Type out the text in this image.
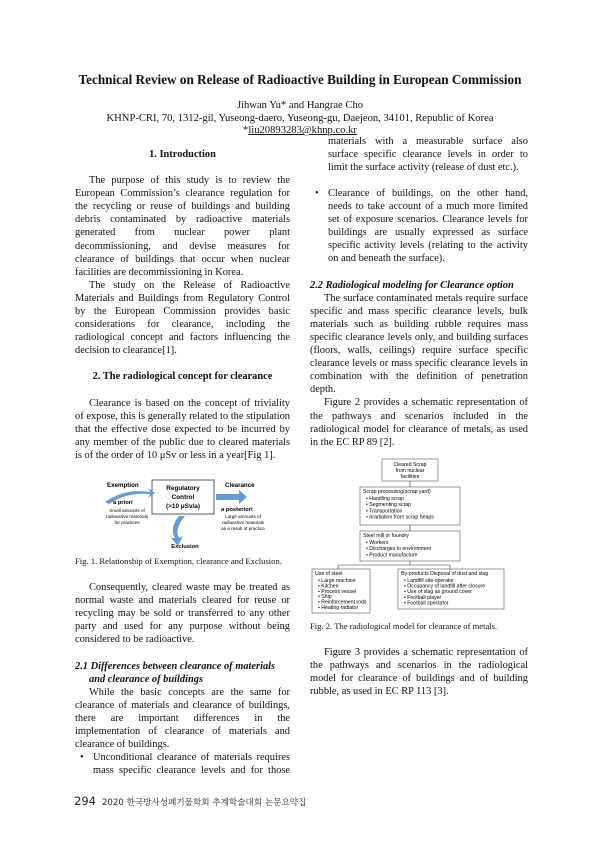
Technical Review on Release of Radioactive Building in European Commission
Jihwan Yu* and Hangrae Cho
KHNP-CRI, 70, 1312-gil, Yuseong-daero, Yuseong-gu, Daejeon, 34101, Republic of Korea
*liu20893283@khnp.co.kr
1. Introduction

The purpose of this study is to review the European Commission’s clearance regulation for the recycling or reuse of buildings and building debris contaminated by radioactive materials generated from nuclear power plant decommissioning, and devise measures for clearance of buildings that occur when nuclear facilities are decommissioning in Korea.

The study on the Release of Radioactive Materials and Buildings from Regulatory Control by the European Commission provides basic considerations for clearance, including the radiological concept and factors influencing the decision to clearance[1].

2. The radiological concept for clearance

Clearance is based on the concept of triviality of expose, this is generally related to the stipulation that the effective dose expected to be incurred by any member of the public due to cleared materials is of the order of 10 μSv or less in a year[Fig 1].

Exemption	Clearance
Regulatory
Control
(>10 μSv/a)
a priori
a posteriori
Small amounts of
radioactive materials
for practices
Large amounts of
radioactive materials
as a result of practice
Exclusion
Fig. 1. Relationship of Exemption, clearance and Exclusion.

Consequently, cleared waste may be treated as normal waste and materials cleared for reuse or recycling may be sold or transferred to any other party and used for any purpose without being considered to be radioactive.

2.1 Differences between clearance of materials and clearance of buildings

While the basic concepts are the same for clearance of materials and clearance of buildings, there are important differences in the implementation of clearance of materials and clearance of buildings.

• Unconditional clearance of materials requires mass specific clearance levels and for those
materials with a measurable surface also surface specific clearance levels in order to limit the surface activity (release of dust etc.).
• Clearance of buildings, on the other hand, needs to take account of a much more limited set of exposure scenarios. Clearance levels for buildings are usually expressed as surface specific activity levels (relating to the activity on and beneath the surface).
2.2 Radiological modeling for Clearance option

The surface contaminated metals require surface specific and mass specific clearance levels, bulk materials such as building rubble requires mass specific clearance levels only, and building surfaces (floors, walls, ceilings) require surface specific clearance levels or mass specific clearance levels in combination with the definition of penetration depth.

Figure 2 provides a schematic representation of the pathways and scenarios included in the radiological model for clearance of metals, as used in the EC RP 89 [2].

Cleared Scrap
from nuclear
facilities
Scrap processing(scrap yard)
• Handling scrap
• Segmenting scrap
• Transportation
• Irradiation from scrap heaps
Steel mill or foundry
• Workers
• Discharges to environment
• Product manufacture
Use of steel
• Large machine
• Kitchen
• Process vessel
• Ship
• Reinforcement rods
• Heating radiator
By-products Disposal of dust and slag
• Landfill site operator
• Occupancy of landfill after closure
• Use of slag as ground cover
• Football player
• Football spectator
Fig. 2. The radiological model for clearance of metals.

Figure 3 provides a schematic representation of the pathways and scenarios in the radiological model for clearance of buildings and of building rubble, as used in EC RP 113 [3].

294 2020 한국방사성폐기물학회 추계학술대회 논문요약집
